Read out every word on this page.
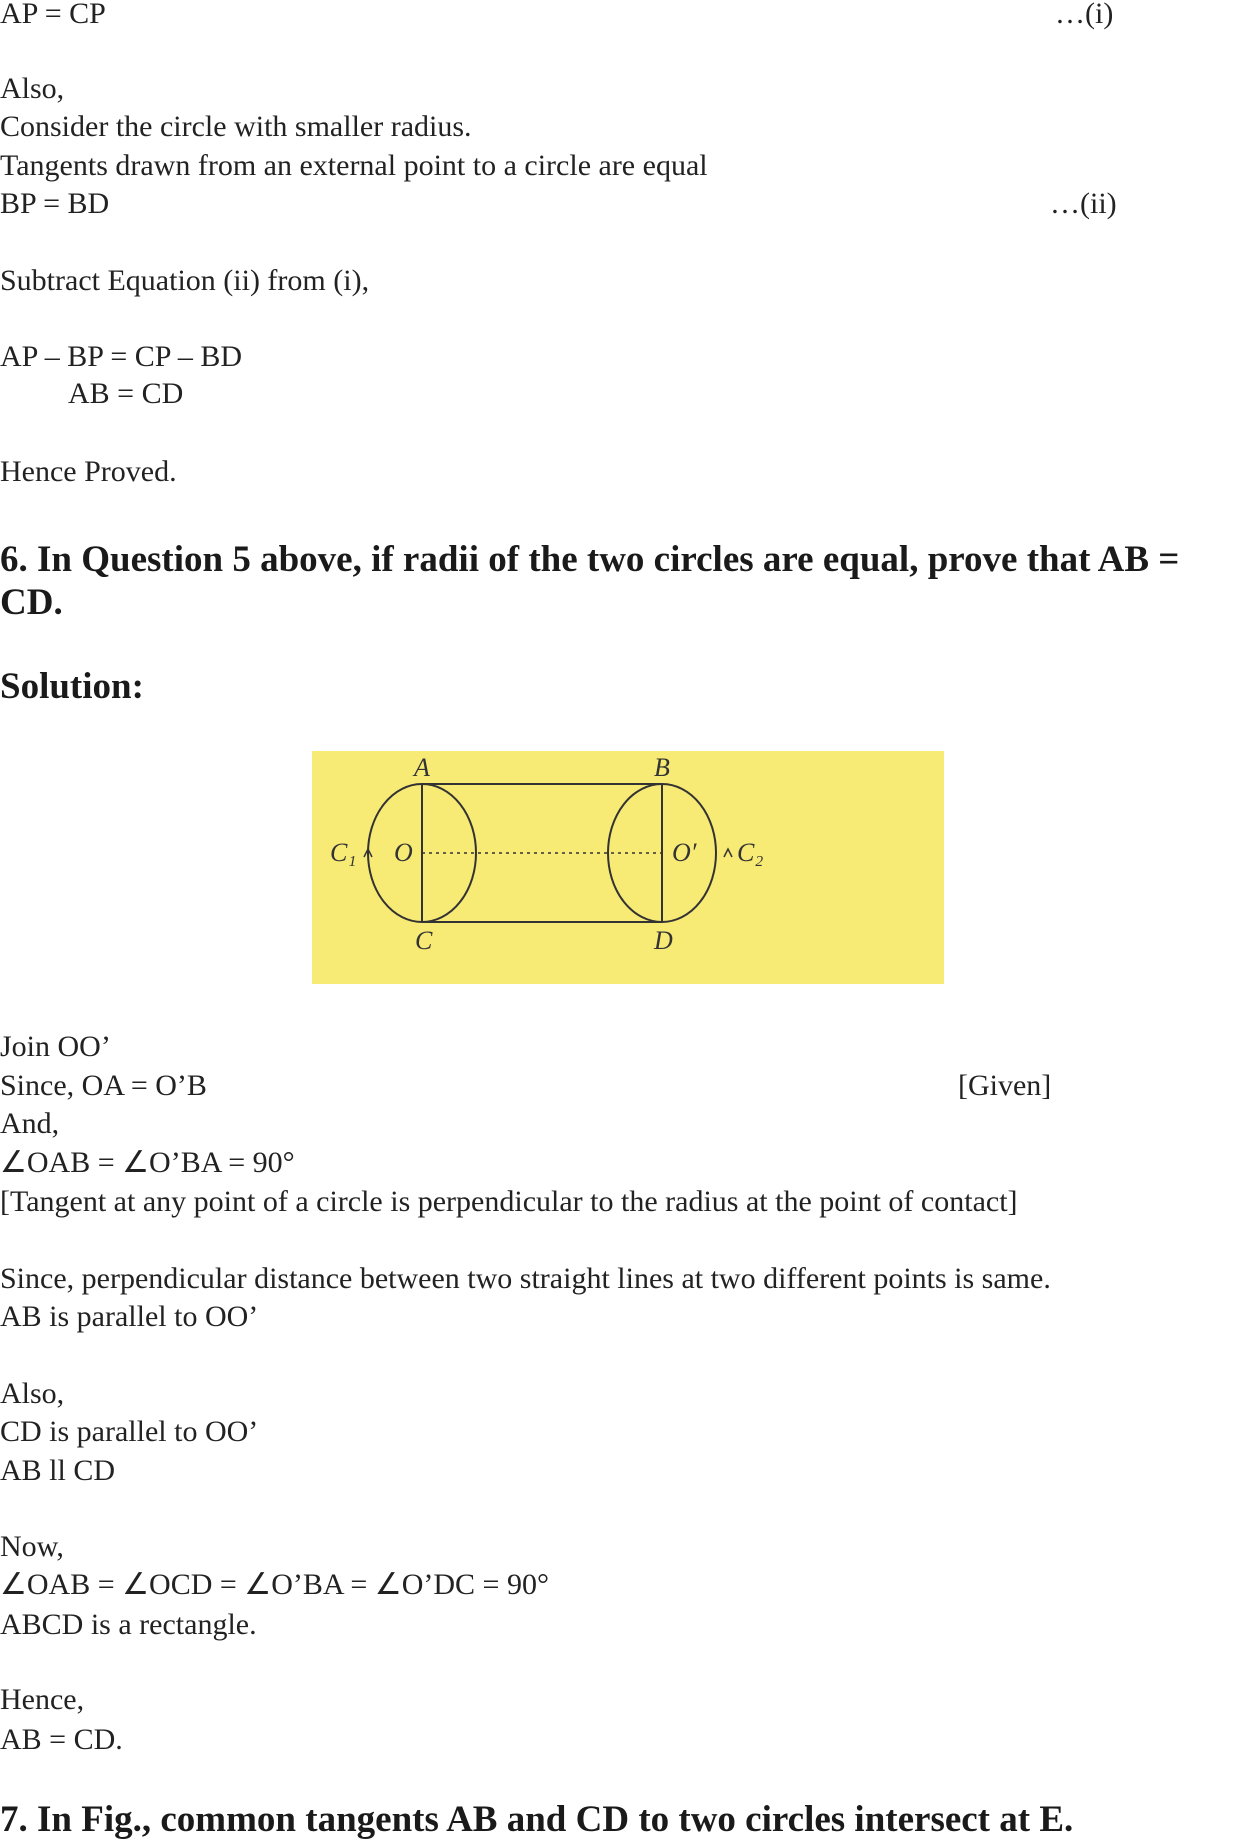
AP = CP	…(i)
Also,
Consider the circle with smaller radius.
Tangents drawn from an external point to a circle are equal
BP = BD	…(ii)
Subtract Equation (ii) from (i),
AP – BP = CP – BD
AB = CD
Hence Proved.
6. In Question 5 above, if radii of the two circles are equal, prove that AB =
CD.
Solution:
A	B
C	D
O	O′
C₁	C₂
Join OO’
Since, OA = O’B	[Given]
And,
∠OAB = ∠O’BA = 90°
[Tangent at any point of a circle is perpendicular to the radius at the point of contact]
Since, perpendicular distance between two straight lines at two different points is same.
AB is parallel to OO’
Also,
CD is parallel to OO’
AB ll CD
Now,
∠OAB = ∠OCD = ∠O’BA = ∠O’DC = 90°
ABCD is a rectangle.
Hence,
AB = CD.
7. In Fig., common tangents AB and CD to two circles intersect at E.
